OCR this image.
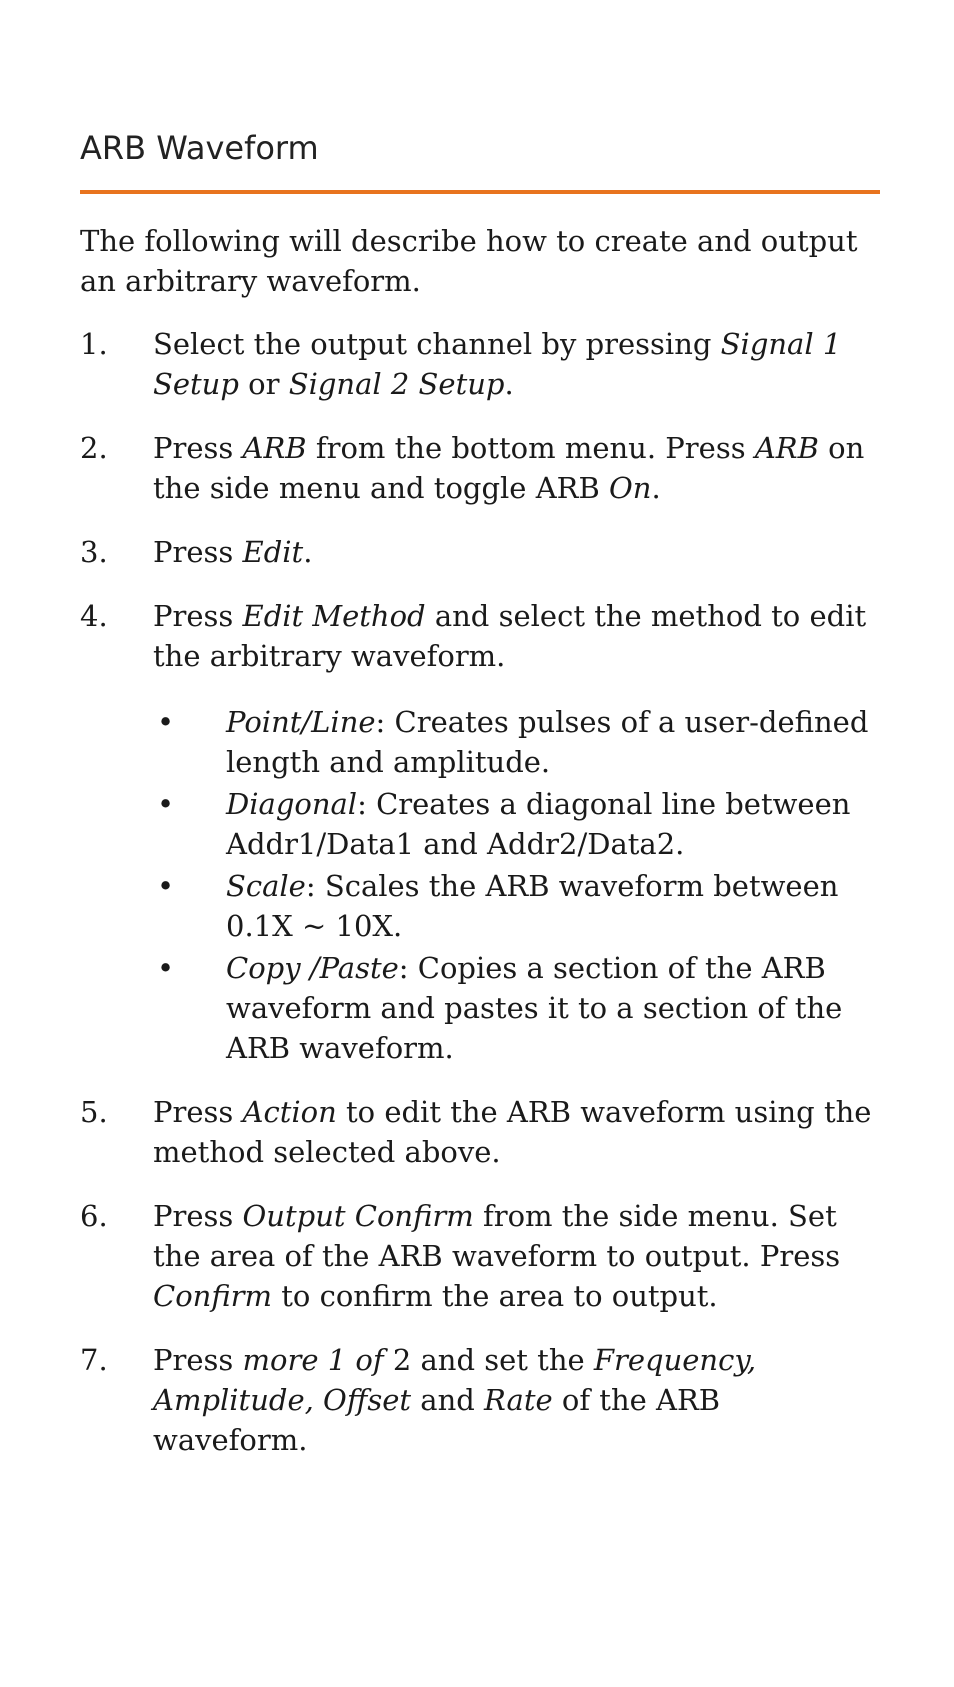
ARB Waveform

The following will describe how to create and output an arbitrary waveform.

1. Select the output channel by pressing Signal 1 Setup or Signal 2 Setup.
2. Press ARB from the bottom menu. Press ARB on the side menu and toggle ARB On.
3. Press Edit.
4. Press Edit Method and select the method to edit the arbitrary waveform.
• Point/Line: Creates pulses of a user-defined length and amplitude.
• Diagonal: Creates a diagonal line between Addr1/Data1 and Addr2/Data2.
• Scale: Scales the ARB waveform between 0.1X ~ 10X.
• Copy /Paste: Copies a section of the ARB waveform and pastes it to a section of the ARB waveform.
5. Press Action to edit the ARB waveform using the method selected above.
6. Press Output Confirm from the side menu. Set the area of the ARB waveform to output. Press Confirm to confirm the area to output.
7. Press more 1 of 2 and set the Frequency, Amplitude, Offset and Rate of the ARB waveform.
